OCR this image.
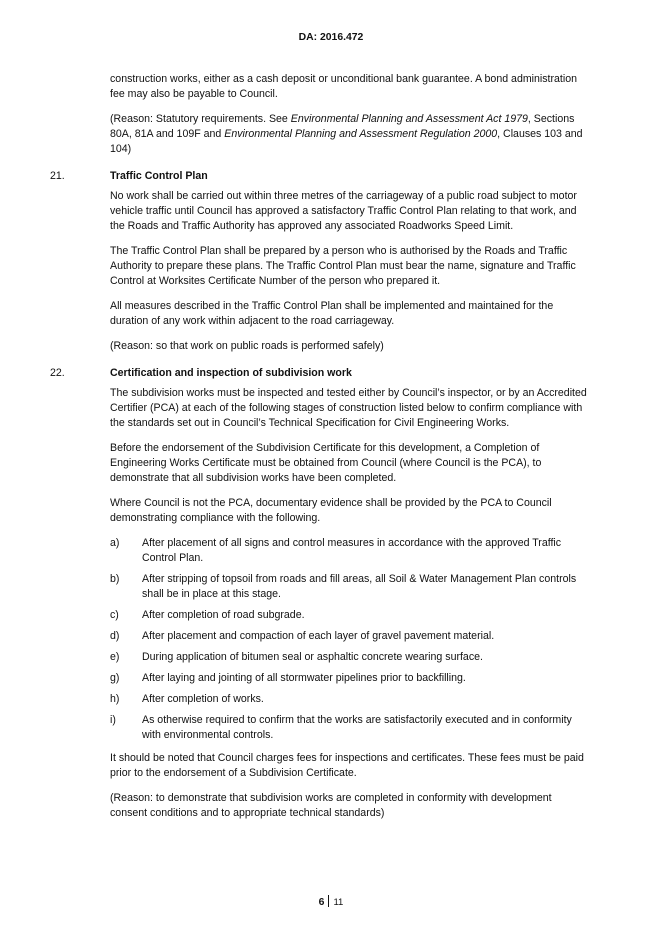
DA: 2016.472

construction works, either as a cash deposit or unconditional bank guarantee. A bond administration fee may also be payable to Council.

(Reason: Statutory requirements. See Environmental Planning and Assessment Act 1979, Sections 80A, 81A and 109F and Environmental Planning and Assessment Regulation 2000, Clauses 103 and 104)

21.	Traffic Control Plan

No work shall be carried out within three metres of the carriageway of a public road subject to motor vehicle traffic until Council has approved a satisfactory Traffic Control Plan relating to that work, and the Roads and Traffic Authority has approved any associated Roadworks Speed Limit.

The Traffic Control Plan shall be prepared by a person who is authorised by the Roads and Traffic Authority to prepare these plans. The Traffic Control Plan must bear the name, signature and Traffic Control at Worksites Certificate Number of the person who prepared it.

All measures described in the Traffic Control Plan shall be implemented and maintained for the duration of any work within adjacent to the road carriageway.

(Reason: so that work on public roads is performed safely)

22.	Certification and inspection of subdivision work

The subdivision works must be inspected and tested either by Council’s inspector, or by an Accredited Certifier (PCA) at each of the following stages of construction listed below to confirm compliance with the standards set out in Council’s Technical Specification for Civil Engineering Works.

Before the endorsement of the Subdivision Certificate for this development, a Completion of Engineering Works Certificate must be obtained from Council (where Council is the PCA), to demonstrate that all subdivision works have been completed.

Where Council is not the PCA, documentary evidence shall be provided by the PCA to Council demonstrating compliance with the following.

a) After placement of all signs and control measures in accordance with the approved Traffic Control Plan.
b) After stripping of topsoil from roads and fill areas, all Soil & Water Management Plan controls shall be in place at this stage.
c) After completion of road subgrade.
d) After placement and compaction of each layer of gravel pavement material.
e) During application of bitumen seal or asphaltic concrete wearing surface.
g) After laying and jointing of all stormwater pipelines prior to backfilling.
h) After completion of works.
i) As otherwise required to confirm that the works are satisfactorily executed and in conformity with environmental controls.

It should be noted that Council charges fees for inspections and certificates. These fees must be paid prior to the endorsement of a Subdivision Certificate.

(Reason: to demonstrate that subdivision works are completed in conformity with development consent conditions and to appropriate technical standards)

6 11
